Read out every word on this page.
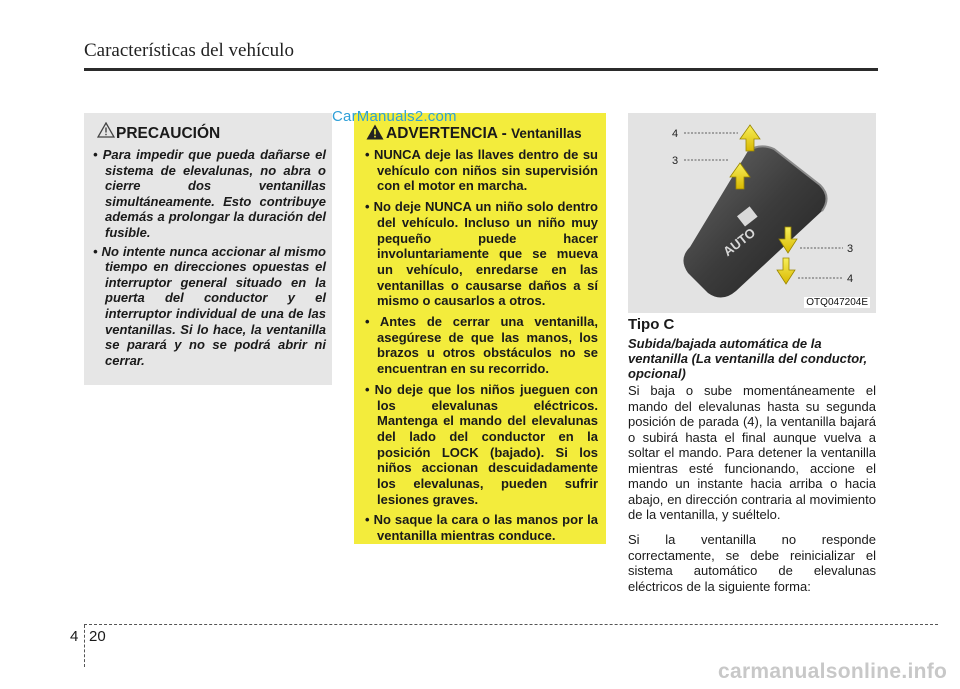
Características del vehículo
PRECAUCIÓN
• Para impedir que pueda dañarse el sistema de elevalunas, no abra o cierre dos ventanillas simultáneamente. Esto contribuye además a prolongar la duración del fusible.
• No intente nunca accionar al mismo tiempo en direcciones opuestas el interruptor general situado en la puerta del conductor y el interruptor individual de una de las ventanillas. Si lo hace, la ventanilla se parará y no se podrá abrir ni cerrar.
ADVERTENCIA - Ventanillas
• NUNCA deje las llaves dentro de su vehículo con niños sin supervisión con el motor en marcha.
• No deje NUNCA un niño solo dentro del vehículo. Incluso un niño muy pequeño puede hacer involuntariamente que se mueva un vehículo, enredarse en las ventanillas o causarse daños a sí mismo o causarlos a otros.
• Antes de cerrar una ventanilla, asegúrese de que las manos, los brazos u otros obstáculos no se encuentran en su recorrido.
• No deje que los niños jueguen con los elevalunas eléctricos. Mantenga el mando del elevalunas del lado del conductor en la posición LOCK (bajado). Si los niños accionan descuidadamente los elevalunas, pueden sufrir lesiones graves.
• No saque la cara o las manos por la ventanilla mientras conduce.
CarManuals2.com
AUTO
4
3
3
4
OTQ047204E
Tipo C
Subida/bajada automática de la ventanilla (La ventanilla del conductor, opcional)

Si baja o sube momentáneamente el mando del elevalunas hasta su segunda posición de parada (4), la ventanilla bajará o subirá hasta el final aunque vuelva a soltar el mando. Para detener la ventanilla mientras esté funcionando, accione el mando un instante hacia arriba o hacia abajo, en dirección contraria al movimiento de la ventanilla, y suéltelo.

Si la ventanilla no responde correctamente, se debe reinicializar el sistema automático de elevalunas eléctricos de la siguiente forma:

4 20
carmanualsonline.info
